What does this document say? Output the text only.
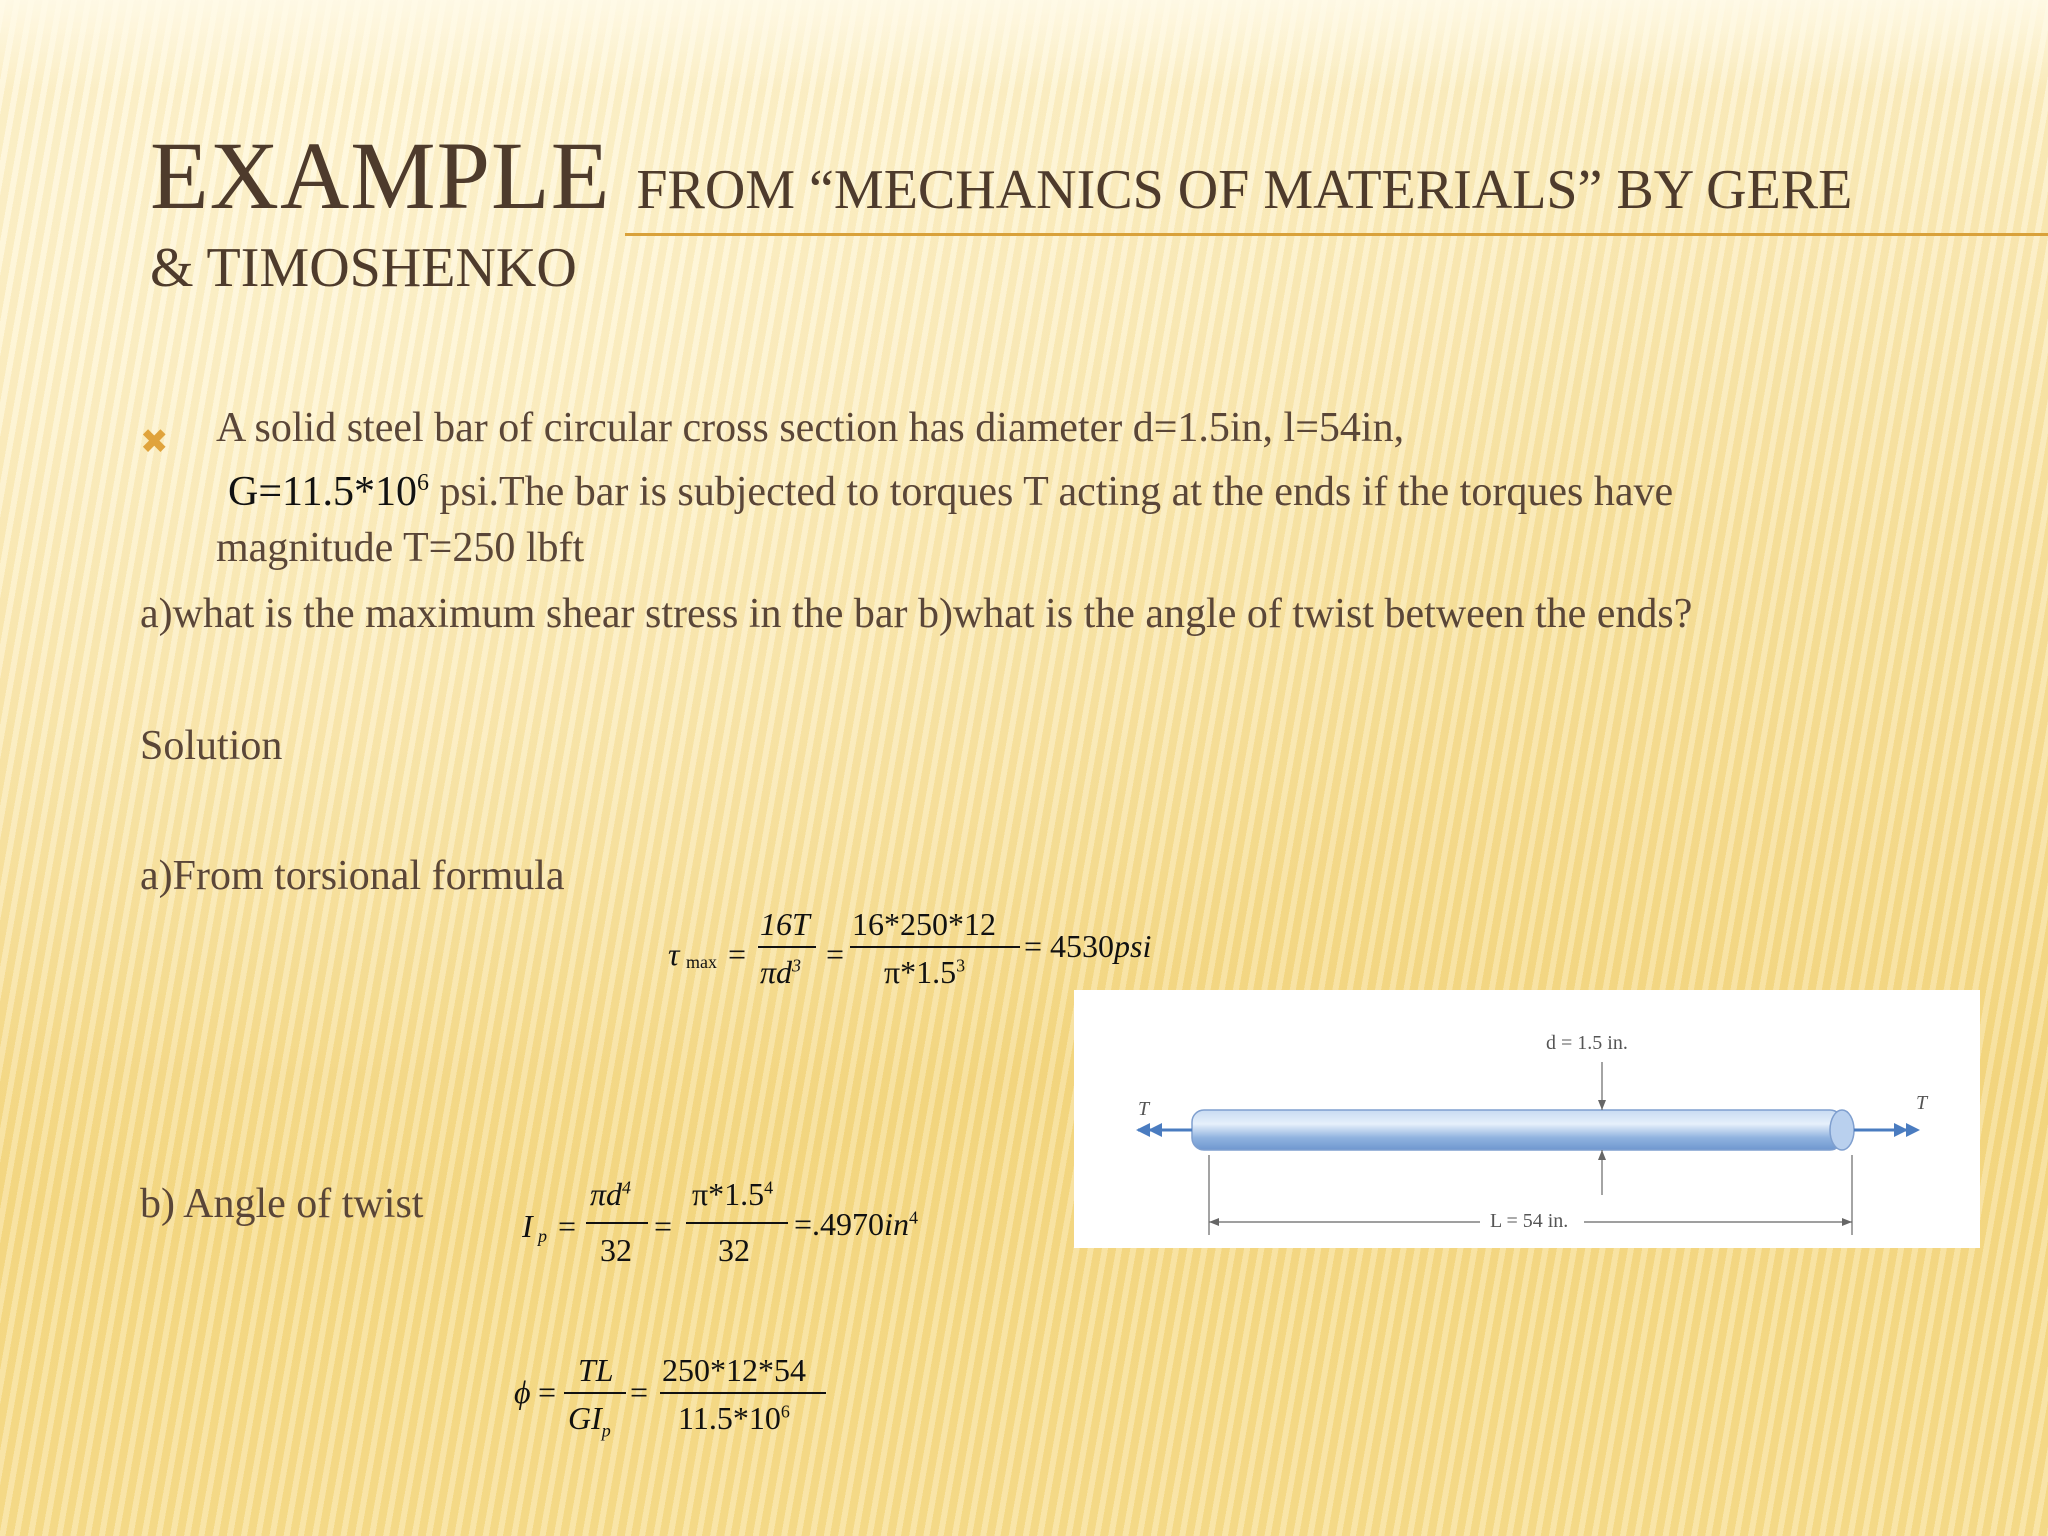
EXAMPLE FROM “MECHANICS OF MATERIALS” BY GERE
& TIMOSHENKO
✖ A solid steel bar of circular cross section has diameter d=1.5in, l=54in,
$G=11.5*10^6$ psi.The bar is subjected to torques T acting at the ends if the torques have
magnitude T=250 lbft
a)what is the maximum shear stress in the bar b)what is the angle of twist between the ends?
Solution
a)From torsional formula
b) Angle of twist
τ max =
16T
$\pi d^3$ =
16*250*12
$\pi*1.5^3$
= 4530psi
I p =
$\pi d^4$
32
=
$\pi*1.5^4$
32
$=.4970in^4$
ϕ =
TL
$GI_p$
=
250*12*54
$11.5*10^6$
d = 1.5 in.
L = 54 in.
T	T
